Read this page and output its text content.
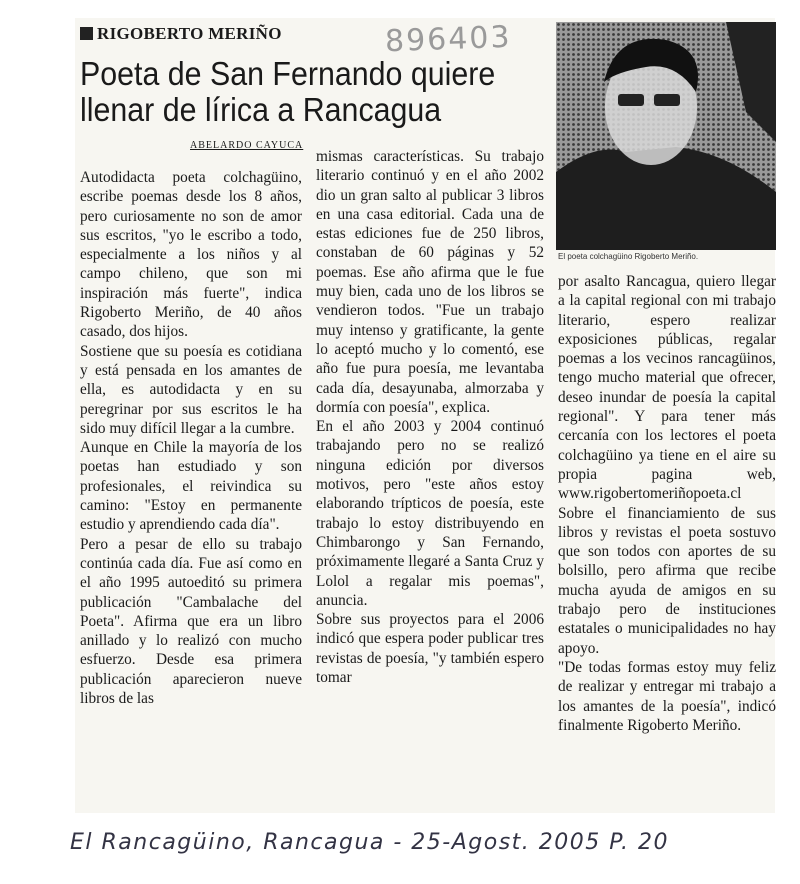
RIGOBERTO MERIÑO	896403
Poeta de San Fernando quiere llenar de lírica a Rancagua
ABELARDO CAYUCA

Autodidacta poeta colchagüino, escribe poemas desde los 8 años, pero curiosamente no son de amor sus escritos, "yo le escribo a todo, especialmente a los niños y al campo chileno, que son mi inspiración más fuerte", indica Rigoberto Meriño, de 40 años casado, dos hijos.

Sostiene que su poesía es cotidiana y está pensada en los amantes de ella, es autodidacta y en su peregrinar por sus escritos le ha sido muy difícil llegar a la cumbre.

Aunque en Chile la mayoría de los poetas han estudiado y son profesionales, el reivindica su camino: "Estoy en permanente estudio y aprendiendo cada día".

Pero a pesar de ello su trabajo continúa cada día. Fue así como en el año 1995 autoeditó su primera publicación "Cambalache del Poeta". Afirma que era un libro anillado y lo realizó con mucho esfuerzo. Desde esa primera publicación aparecieron nueve libros de las

mismas características. Su trabajo literario continuó y en el año 2002 dio un gran salto al publicar 3 libros en una casa editorial. Cada una de estas ediciones fue de 250 libros, constaban de 60 páginas y 52 poemas. Ese año afirma que le fue muy bien, cada uno de los libros se vendieron todos. "Fue un trabajo muy intenso y gratificante, la gente lo aceptó mucho y lo comentó, ese año fue pura poesía, me levantaba cada día, desayunaba, almorzaba y dormía con poesía", explica.

En el año 2003 y 2004 continuó trabajando pero no se realizó ninguna edición por diversos motivos, pero "este años estoy elaborando trípticos de poesía, este trabajo lo estoy distribuyendo en Chimbarongo y San Fernando, próximamente llegaré a Santa Cruz y Lolol a regalar mis poemas", anuncia.

Sobre sus proyectos para el 2006 indicó que espera poder publicar tres revistas de poesía, "y también espero tomar

El poeta colchagüino Rigoberto Meriño.

por asalto Rancagua, quiero llegar a la capital regional con mi trabajo literario, espero realizar exposiciones públicas, regalar poemas a los vecinos rancagüinos, tengo mucho material que ofrecer, deseo inundar de poesía la capital regional". Y para tener más cercanía con los lectores el poeta colchagüino ya tiene en el aire su propia pagina web, www.rigobertomeriñopoeta.cl

Sobre el financiamiento de sus libros y revistas el poeta sostuvo que son todos con aportes de su bolsillo, pero afirma que recibe mucha ayuda de amigos en su trabajo pero de instituciones estatales o municipalidades no hay apoyo.

"De todas formas estoy muy feliz de realizar y entregar mi trabajo a los amantes de la poesía", indicó finalmente Rigoberto Meriño.

El Rancagüino, Rancagua - 25-Agost. 2005 P. 20
